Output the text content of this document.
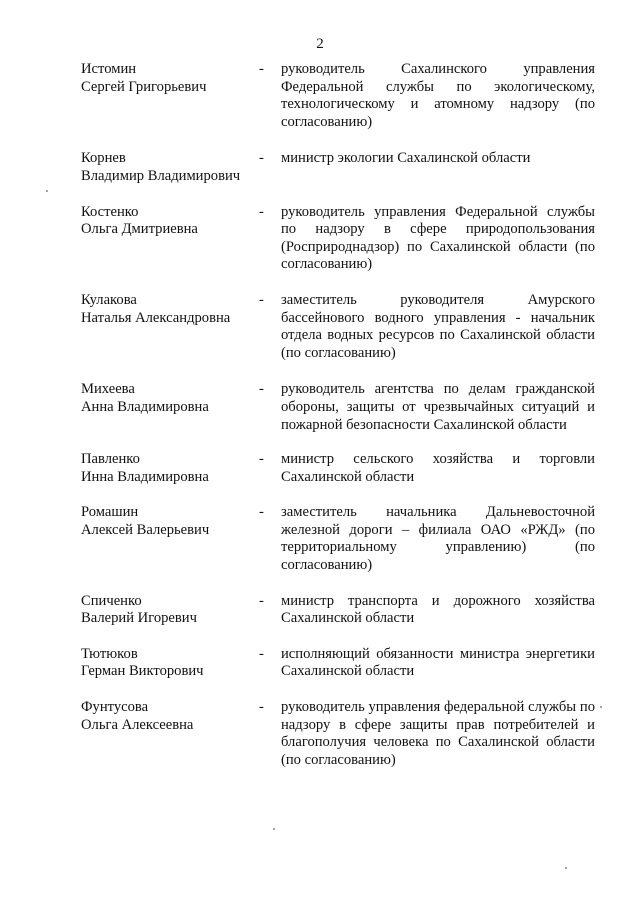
2
Истомин
Сергей Григорьевич
-	руководитель Сахалинского управления Федеральной службы по экологическому, технологическому и атомному надзору (по согласованию)
Корнев
Владимир Владимирович
-	министр экологии Сахалинской области
Костенко
Ольга Дмитриевна
-	руководитель управления Федеральной службы по надзору в сфере природопользования (Росприроднадзор) по Сахалинской области (по согласованию)
Кулакова
Наталья Александровна
-	заместитель руководителя Амурского бассейнового водного управления - начальник отдела водных ресурсов по Сахалинской области (по согласованию)
Михеева
Анна Владимировна
-	руководитель агентства по делам гражданской обороны, защиты от чрезвычайных ситуаций и пожарной безопасности Сахалинской области
Павленко
Инна Владимировна
-	министр сельского хозяйства и торговли Сахалинской области
Ромашин
Алексей Валерьевич
-	заместитель начальника Дальневосточной железной дороги – филиала ОАО «РЖД» (по территориальному управлению) (по согласованию)
Спиченко
Валерий Игоревич
-	министр транспорта и дорожного хозяйства Сахалинской области
Тютюков
Герман Викторович
-	исполняющий обязанности министра энергетики Сахалинской области
Фунтусова
Ольга Алексеевна
-	руководитель управления федеральной службы по надзору в сфере защиты прав потребителей и благополучия человека по Сахалинской области (по согласованию)
